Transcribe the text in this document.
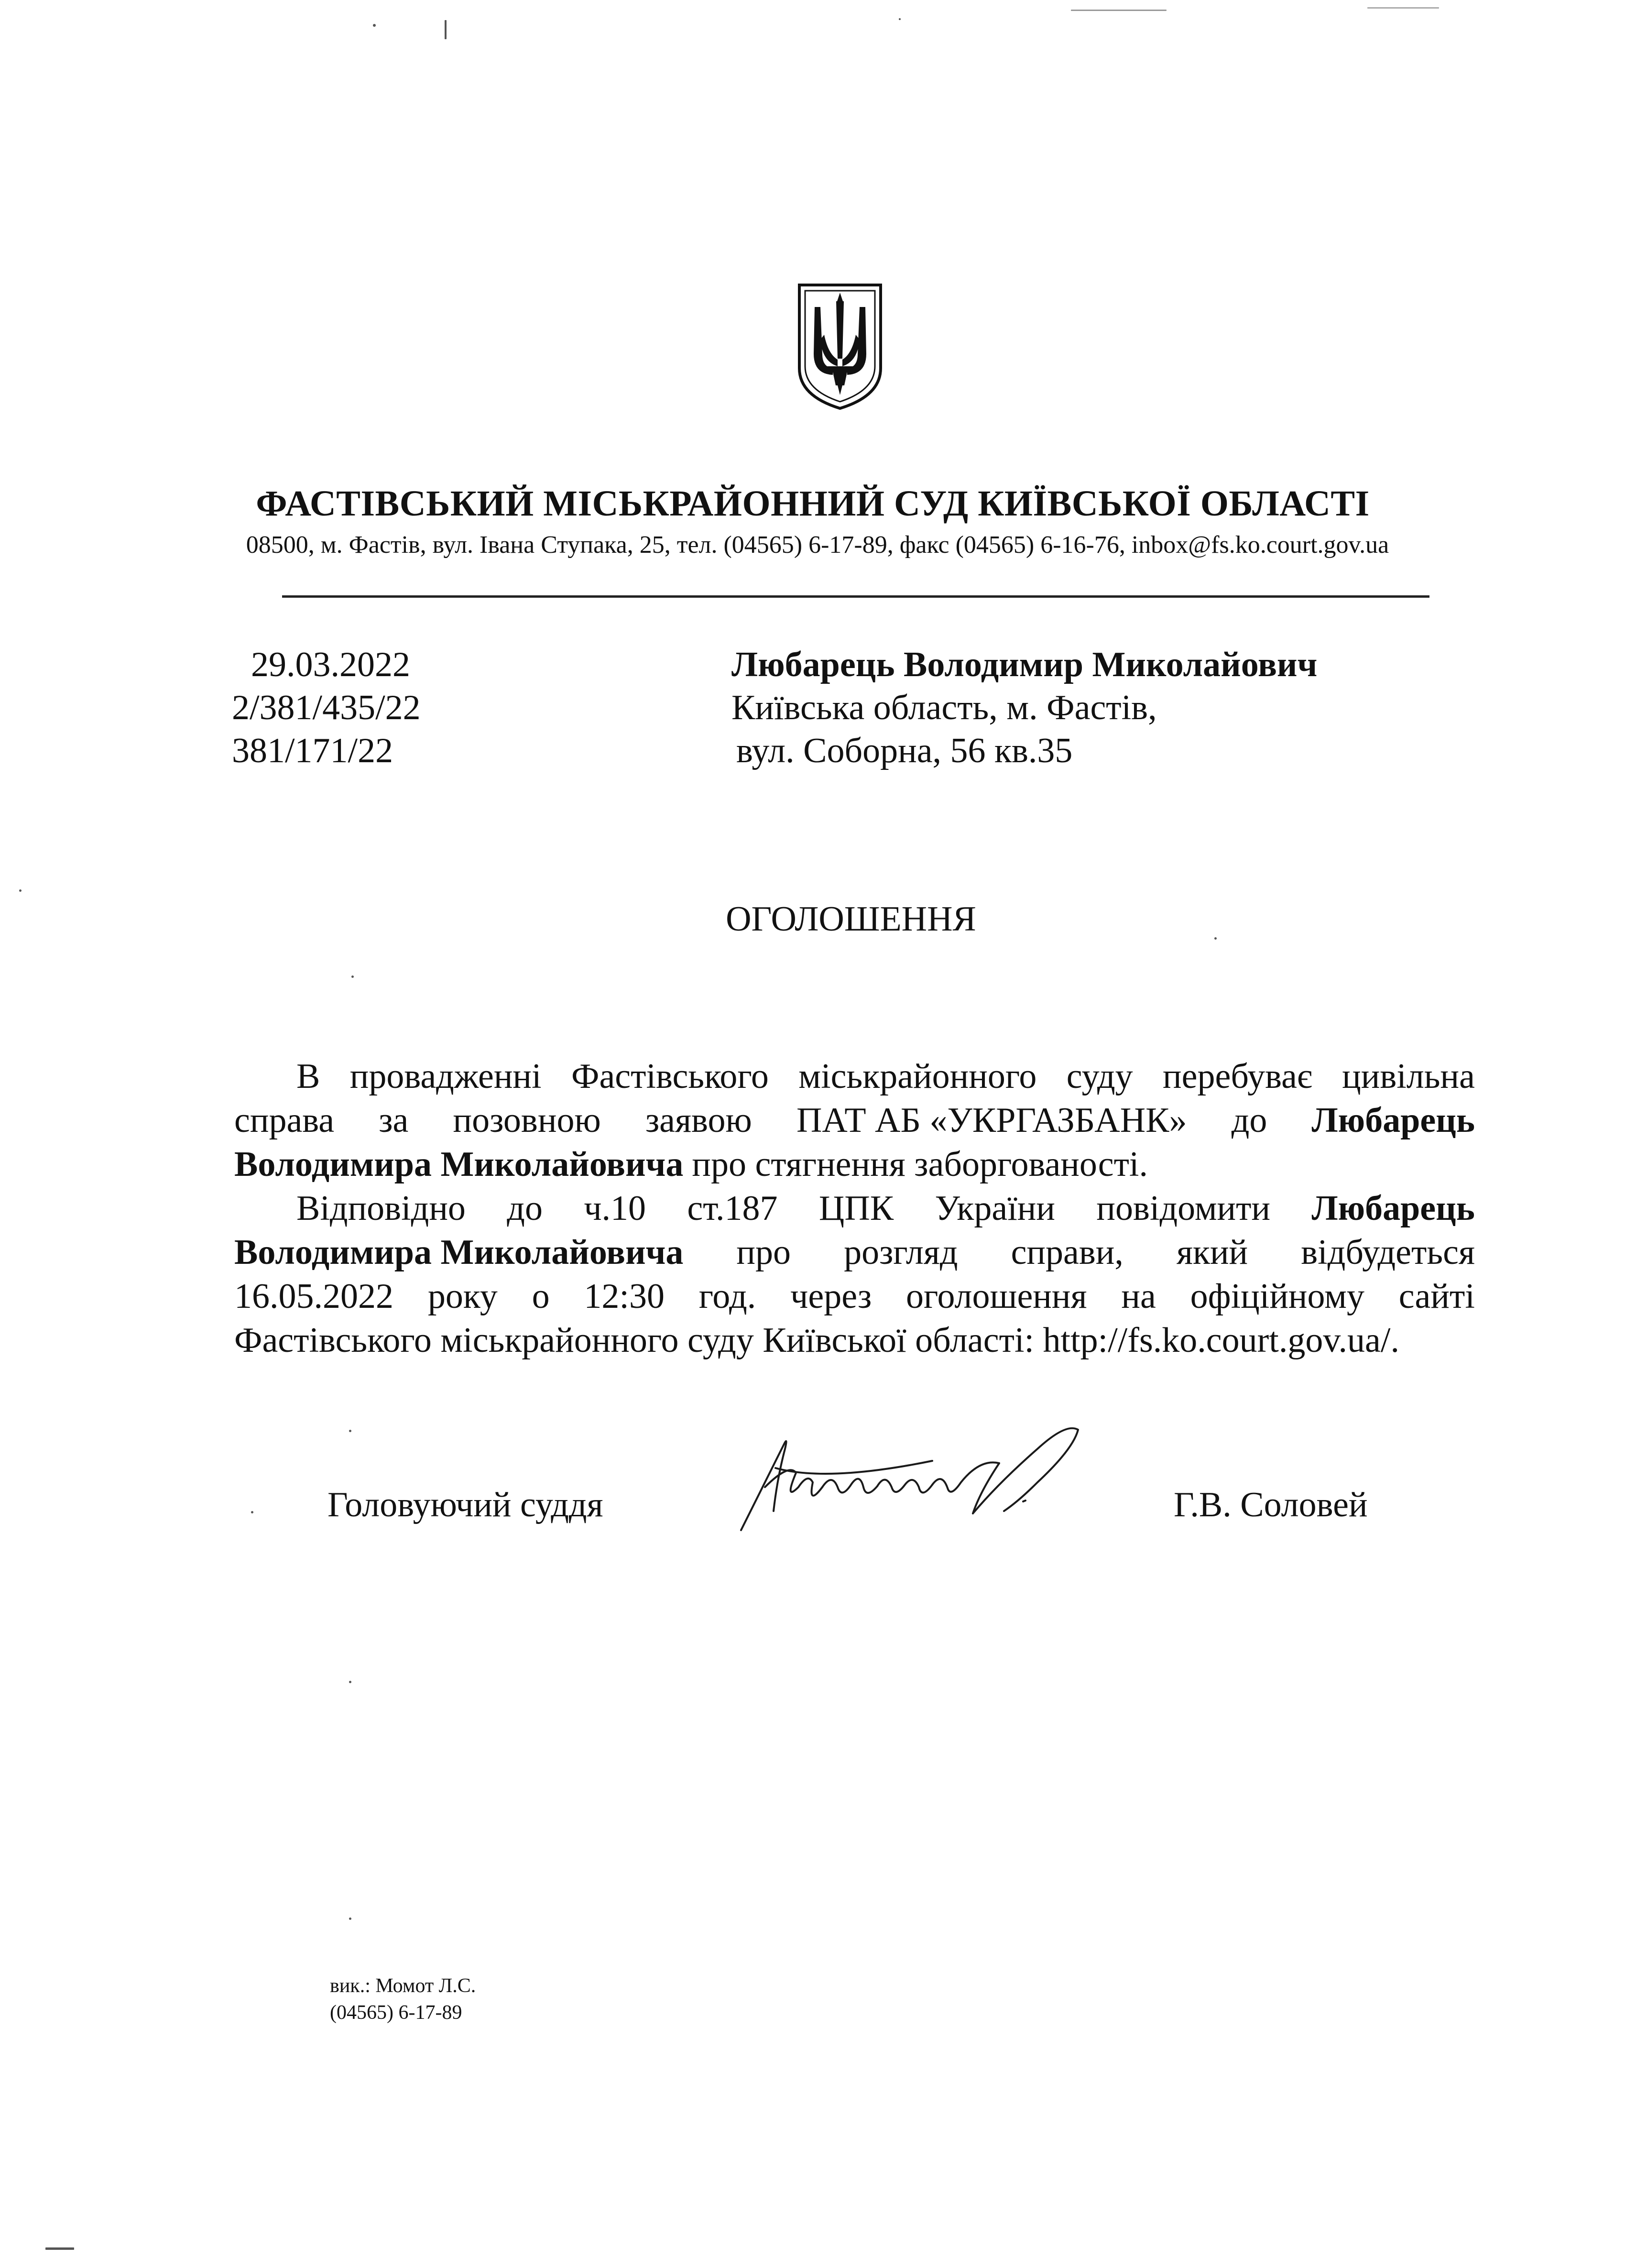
ФАСТІВСЬКИЙ МІСЬКРАЙОННИЙ СУД КИЇВСЬКОЇ ОБЛАСТІ
08500, м. Фастів, вул. Івана Ступака, 25, тел. (04565) 6-17-89, факс (04565) 6-16-76, inbox@fs.ko.court.gov.ua
29.03.2022
2/381/435/22
381/171/22
Любарець Володимир Миколайович
Київська область, м. Фастів,
вул. Соборна, 56 кв.35
ОГОЛОШЕННЯ
В провадженні Фастівського міськрайонного суду перебуває цивільна
справа за позовною заявою ПАТ АБ «УКРГАЗБАНК» до Любарець
Володимира Миколайовича про стягнення заборгованості.
Відповідно до ч.10 ст.187 ЦПК України повідомити Любарець
Володимира Миколайовича про розгляд справи, який відбудеться
16.05.2022 року о 12:30 год. через оголошення на офіційному сайті
Фастівського міськрайонного суду Київської області: http://fs.ko.court.gov.ua/.
Головуючий суддя	Г.В. Соловей
вик.: Момот Л.С.
(04565) 6-17-89
